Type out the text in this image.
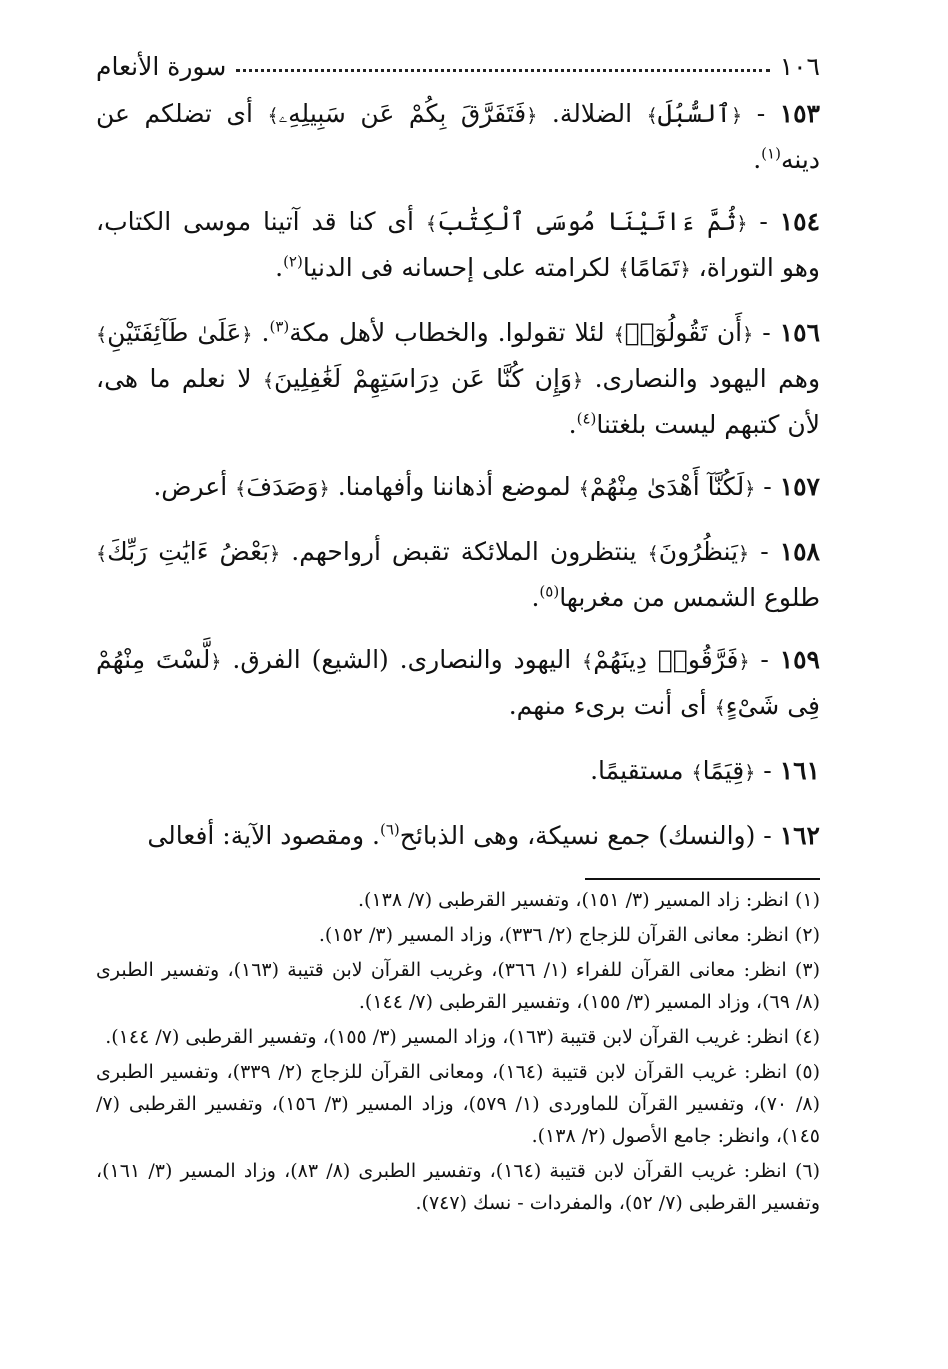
١٠٦
سورة الأنعام

١٥٣ - ﴿ٱلسُّبُلَ﴾ الضلالة. ﴿فَتَفَرَّقَ بِكُمْ عَن سَبِيلِهِۦ﴾ أى تضلكم عن دينه$^{(١)}$.

١٥٤ - ﴿ثُمَّ ءَاتَيْنَا مُوسَى ٱلْكِتَٰبَ﴾ أى كنا قد آتينا موسى الكتاب، وهو التوراة، ﴿تَمَامًا﴾ لكرامته على إحسانه فى الدنيا$^{(٢)}$.

١٥٦ - ﴿أَن تَقُولُوٓا۟﴾ لئلا تقولوا. والخطاب لأهل مكة$^{(٣)}$. ﴿عَلَىٰ طَآئِفَتَيْنِ﴾ وهم اليهود والنصارى. ﴿وَإِن كُنَّا عَن دِرَاسَتِهِمْ لَغَٰفِلِينَ﴾ لا نعلم ما هى، لأن كتبهم ليست بلغتنا$^{(٤)}$.

١٥٧ - ﴿لَكُنَّآ أَهْدَىٰ مِنْهُمْ﴾ لموضع أذهاننا وأفهامنا. ﴿وَصَدَفَ﴾ أعرض.

١٥٨ - ﴿يَنظُرُونَ﴾ ينتظرون الملائكة تقبض أرواحهم. ﴿بَعْضُ ءَايَٰتِ رَبِّكَ﴾ طلوع الشمس من مغربها$^{(٥)}$.

١٥٩ - ﴿فَرَّقُوا۟ دِينَهُمْ﴾ اليهود والنصارى. (الشيع) الفرق. ﴿لَّسْتَ مِنْهُمْ فِى شَىْءٍ﴾ أى أنت برىء منهم.

١٦١ - ﴿قِيَمًا﴾ مستقيمًا.

١٦٢ - (والنسك) جمع نسيكة، وهى الذبائح$^{(٦)}$. ومقصود الآية: أفعالى

(١) انظر: زاد المسير (٣/ ١٥١)، وتفسير القرطبى (٧/ ١٣٨).
(٢) انظر: معانى القرآن للزجاج (٢/ ٣٣٦)، وزاد المسير (٣/ ١٥٢).
(٣) انظر: معانى القرآن للفراء (١/ ٣٦٦)، وغريب القرآن لابن قتيبة (١٦٣)، وتفسير الطبرى (٨/ ٦٩)، وزاد المسير (٣/ ١٥٥)، وتفسير القرطبى (٧/ ١٤٤).
(٤) انظر: غريب القرآن لابن قتيبة (١٦٣)، وزاد المسير (٣/ ١٥٥)، وتفسير القرطبى (٧/ ١٤٤).
(٥) انظر: غريب القرآن لابن قتيبة (١٦٤)، ومعانى القرآن للزجاج (٢/ ٣٣٩)، وتفسير الطبرى (٨/ ٧٠)، وتفسير القرآن للماوردى (١/ ٥٧٩)، وزاد المسير (٣/ ١٥٦)، وتفسير القرطبى (٧/ ١٤٥)، وانظر: جامع الأصول (٢/ ١٣٨).
(٦) انظر: غريب القرآن لابن قتيبة (١٦٤)، وتفسير الطبرى (٨/ ٨٣)، وزاد المسير (٣/ ١٦١)، وتفسير القرطبى (٧/ ٥٢)، والمفردات - نسك (٧٤٧).
